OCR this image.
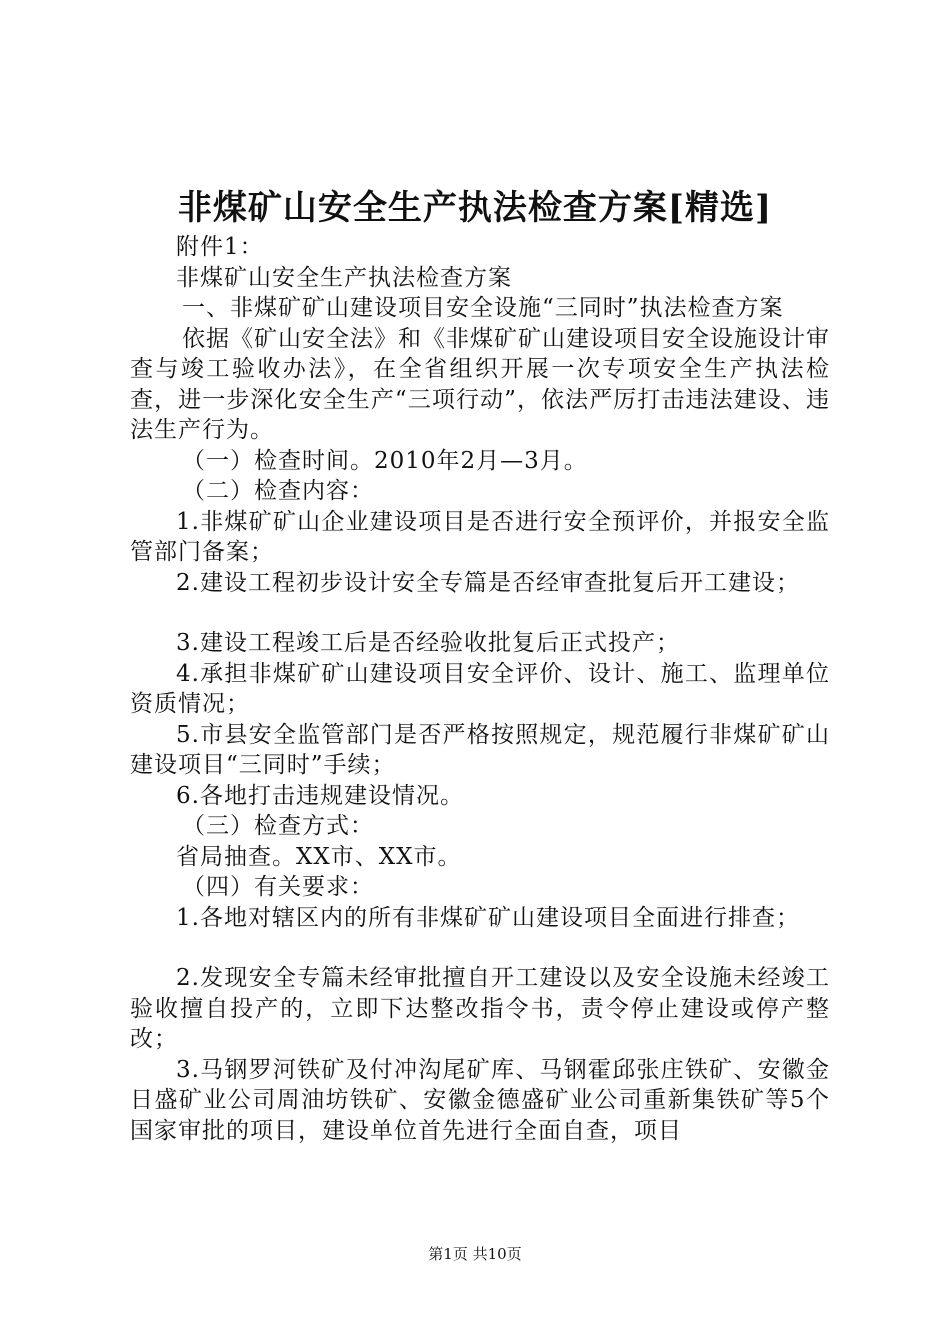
非煤矿山安全生产执法检查方案[精选]

附件1：

非煤矿山安全生产执法检查方案

一、非煤矿矿山建设项目安全设施“三同时”执法检查方案

依据《矿山安全法》和《非煤矿矿山建设项目安全设施设计审查与竣工验收办法》，在全省组织开展一次专项安全生产执法检查，进一步深化安全生产“三项行动”，依法严厉打击违法建设、违法生产行为。

（一）检查时间。2010年2月—3月。

（二）检查内容：

1.非煤矿矿山企业建设项目是否进行安全预评价，并报安全监管部门备案；

2.建设工程初步设计安全专篇是否经审查批复后开工建设；

3.建设工程竣工后是否经验收批复后正式投产；

4.承担非煤矿矿山建设项目安全评价、设计、施工、监理单位资质情况；

5.市县安全监管部门是否严格按照规定，规范履行非煤矿矿山建设项目“三同时”手续；

6.各地打击违规建设情况。

（三）检查方式：

省局抽查。XX市、XX市。

（四）有关要求：

1.各地对辖区内的所有非煤矿矿山建设项目全面进行排查；

2.发现安全专篇未经审批擅自开工建设以及安全设施未经竣工验收擅自投产的，立即下达整改指令书，责令停止建设或停产整改；

3.马钢罗河铁矿及付冲沟尾矿库、马钢霍邱张庄铁矿、安徽金日盛矿业公司周油坊铁矿、安徽金德盛矿业公司重新集铁矿等5个国家审批的项目，建设单位首先进行全面自查，项目

第1页 共10页
